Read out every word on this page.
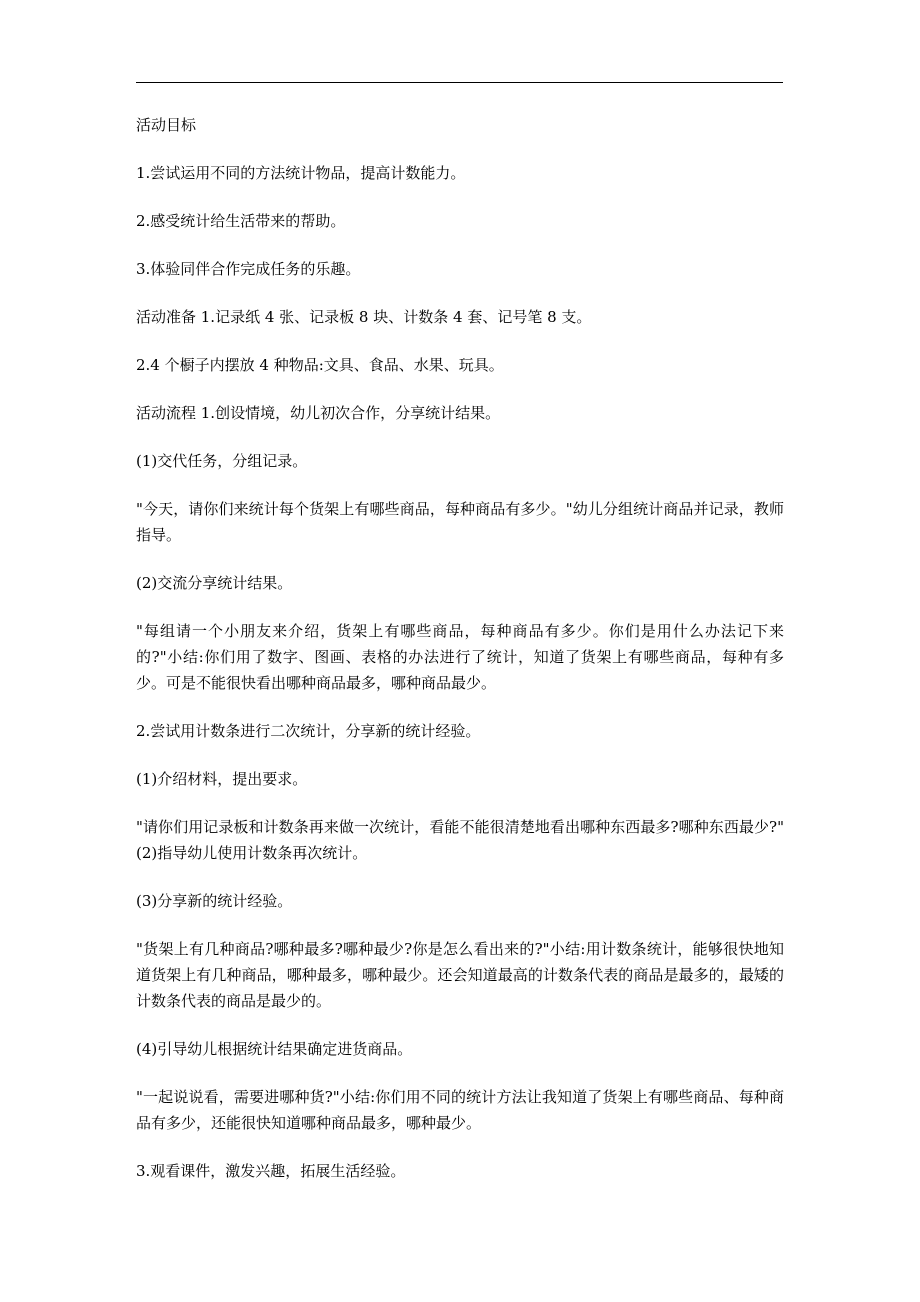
活动目标

1.尝试运用不同的方法统计物品，提高计数能力。

2.感受统计给生活带来的帮助。

3.体验同伴合作完成任务的乐趣。

活动准备 1.记录纸 4 张、记录板 8 块、计数条 4 套、记号笔 8 支。

2.4 个橱子内摆放 4 种物品:文具、食品、水果、玩具。

活动流程 1.创设情境，幼儿初次合作，分享统计结果。

(1)交代任务，分组记录。

"今天，请你们来统计每个货架上有哪些商品，每种商品有多少。"幼儿分组统计商品并记录，教师指导。

(2)交流分享统计结果。

"每组请一个小朋友来介绍，货架上有哪些商品，每种商品有多少。你们是用什么办法记下来的?"小结:你们用了数字、图画、表格的办法进行了统计，知道了货架上有哪些商品，每种有多少。可是不能很快看出哪种商品最多，哪种商品最少。

2.尝试用计数条进行二次统计，分享新的统计经验。

(1)介绍材料，提出要求。

"请你们用记录板和计数条再来做一次统计，看能不能很清楚地看出哪种东西最多?哪种东西最少?"(2)指导幼儿使用计数条再次统计。

(3)分享新的统计经验。

"货架上有几种商品?哪种最多?哪种最少?你是怎么看出来的?"小结:用计数条统计，能够很快地知道货架上有几种商品，哪种最多，哪种最少。还会知道最高的计数条代表的商品是最多的，最矮的计数条代表的商品是最少的。

(4)引导幼儿根据统计结果确定进货商品。

"一起说说看，需要进哪种货?"小结:你们用不同的统计方法让我知道了货架上有哪些商品、每种商品有多少，还能很快知道哪种商品最多，哪种最少。

3.观看课件，激发兴趣，拓展生活经验。
